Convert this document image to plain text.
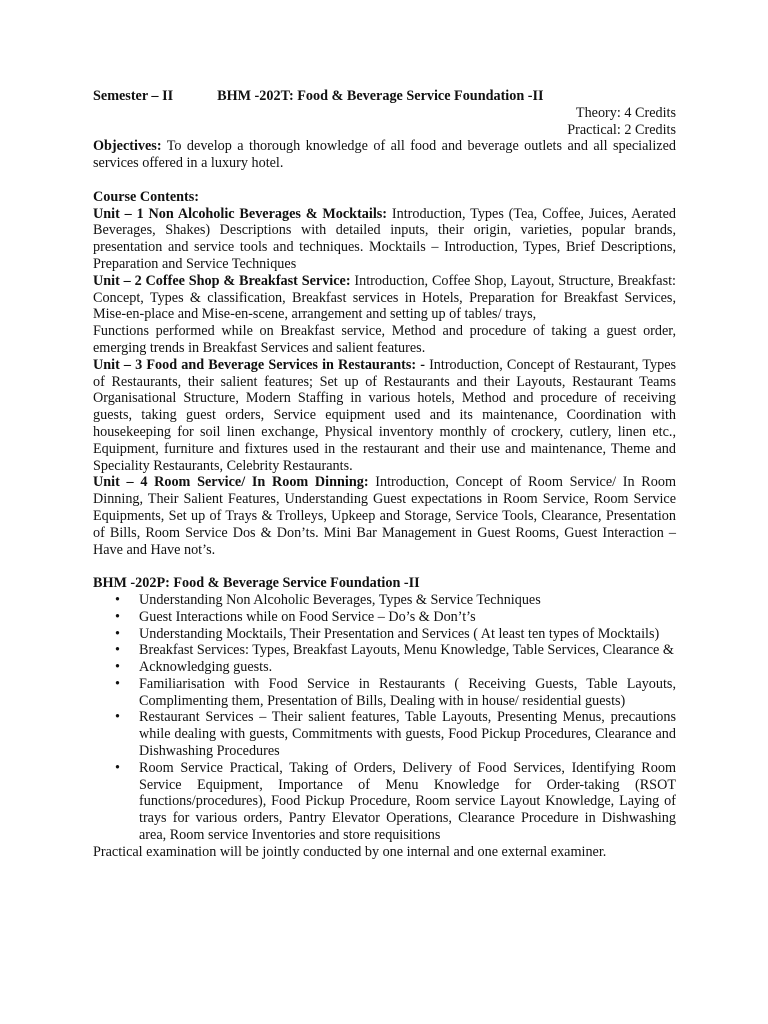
Semester – II	BHM -202T: Food & Beverage Service Foundation -II
Theory: 4 Credits
Practical: 2 Credits
Objectives: To develop a thorough knowledge of all food and beverage outlets and all specialized services offered in a luxury hotel.
Course Contents:
Unit – 1 Non Alcoholic Beverages & Mocktails: Introduction, Types (Tea, Coffee, Juices, Aerated Beverages, Shakes) Descriptions with detailed inputs, their origin, varieties, popular brands, presentation and service tools and techniques. Mocktails – Introduction, Types, Brief Descriptions, Preparation and Service Techniques
Unit – 2 Coffee Shop & Breakfast Service: Introduction, Coffee Shop, Layout, Structure, Breakfast: Concept, Types & classification, Breakfast services in Hotels, Preparation for Breakfast Services, Mise-en-place and Mise-en-scene, arrangement and setting up of tables/ trays,
Functions performed while on Breakfast service, Method and procedure of taking a guest order, emerging trends in Breakfast Services and salient features.
Unit – 3 Food and Beverage Services in Restaurants: - Introduction, Concept of Restaurant, Types of Restaurants, their salient features; Set up of Restaurants and their Layouts, Restaurant Teams Organisational Structure, Modern Staffing in various hotels, Method and procedure of receiving guests, taking guest orders, Service equipment used and its maintenance, Coordination with housekeeping for soil linen exchange, Physical inventory monthly of crockery, cutlery, linen etc., Equipment, furniture and fixtures used in the restaurant and their use and maintenance, Theme and Speciality Restaurants, Celebrity Restaurants.
Unit – 4 Room Service/ In Room Dinning: Introduction, Concept of Room Service/ In Room Dinning, Their Salient Features, Understanding Guest expectations in Room Service, Room Service Equipments, Set up of Trays & Trolleys, Upkeep and Storage, Service Tools, Clearance, Presentation of Bills, Room Service Dos & Don’ts. Mini Bar Management in Guest Rooms, Guest Interaction – Have and Have not’s.
BHM -202P: Food & Beverage Service Foundation -II
• Understanding Non Alcoholic Beverages, Types & Service Techniques
• Guest Interactions while on Food Service – Do’s & Don’t’s
• Understanding Mocktails, Their Presentation and Services ( At least ten types of Mocktails)
• Breakfast Services: Types, Breakfast Layouts, Menu Knowledge, Table Services, Clearance &
• Acknowledging guests.
• Familiarisation with Food Service in Restaurants ( Receiving Guests, Table Layouts, Complimenting them, Presentation of Bills, Dealing with in house/ residential guests)
• Restaurant Services – Their salient features, Table Layouts, Presenting Menus, precautions while dealing with guests, Commitments with guests, Food Pickup Procedures, Clearance and Dishwashing Procedures
• Room Service Practical, Taking of Orders, Delivery of Food Services, Identifying Room Service Equipment, Importance of Menu Knowledge for Order-taking (RSOT functions/procedures), Food Pickup Procedure, Room service Layout Knowledge, Laying of trays for various orders, Pantry Elevator Operations, Clearance Procedure in Dishwashing area, Room service Inventories and store requisitions
Practical examination will be jointly conducted by one internal and one external examiner.
